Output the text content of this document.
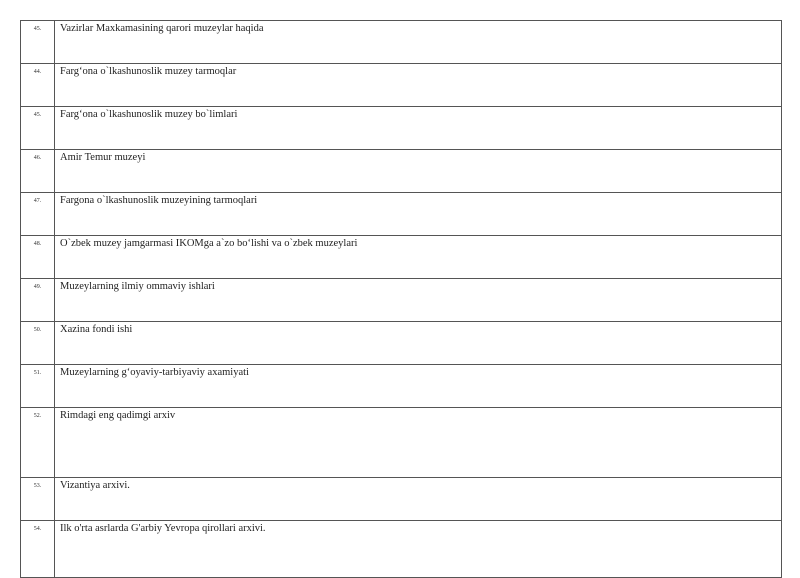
45.	Vazirlar Maxkamasining qarori muzeylar haqida
44.	Farg‘ona o`lkashunoslik muzey tarmoqlar
45.	Farg‘ona o`lkashunoslik muzey bo`limlari
46.	Amir Temur muzeyi
47.	Fargona o`lkashunoslik muzeyining tarmoqlari
48.	O`zbek muzey jamgarmasi IKOMga a`zo bo‘lishi va o`zbek muzeylari
49.	Muzeylarning ilmiy ommaviy ishlari
50.	Xazina fondi ishi
51.	Muzeylarning g‘oyaviy-tarbiyaviy axamiyati
52.	Rimdagi eng qadimgi arxiv
53.	Vizantiya arxivi.
54.	Ilk o'rta asrlarda G'arbiy Yevropa qirollari arxivi.
